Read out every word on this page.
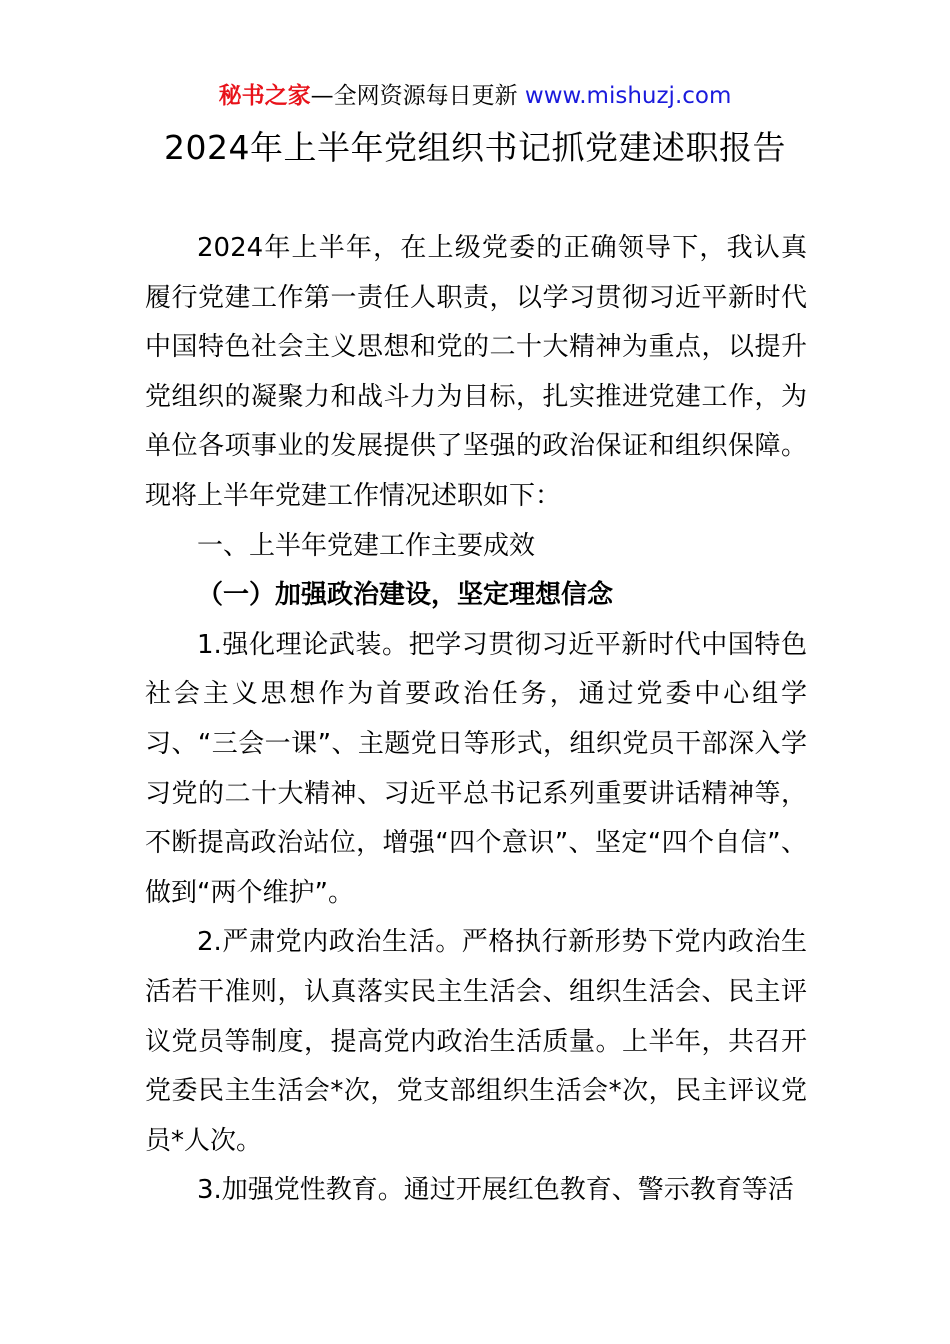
秘书之家—全网资源每日更新 www.mishuzj.com
2024年上半年党组织书记抓党建述职报告

2024年上半年，在上级党委的正确领导下，我认真履行党建工作第一责任人职责，以学习贯彻习近平新时代中国特色社会主义思想和党的二十大精神为重点，以提升党组织的凝聚力和战斗力为目标，扎实推进党建工作，为单位各项事业的发展提供了坚强的政治保证和组织保障。现将上半年党建工作情况述职如下：

一、上半年党建工作主要成效

（一）加强政治建设，坚定理想信念

1.强化理论武装。把学习贯彻习近平新时代中国特色社会主义思想作为首要政治任务，通过党委中心组学习、“三会一课”、主题党日等形式，组织党员干部深入学习党的二十大精神、习近平总书记系列重要讲话精神等，不断提高政治站位，增强“四个意识”、坚定“四个自信”、做到“两个维护”。

2.严肃党内政治生活。严格执行新形势下党内政治生活若干准则，认真落实民主生活会、组织生活会、民主评议党员等制度，提高党内政治生活质量。上半年，共召开党委民主生活会*次，党支部组织生活会*次，民主评议党员*人次。

3.加强党性教育。通过开展红色教育、警示教育等活
